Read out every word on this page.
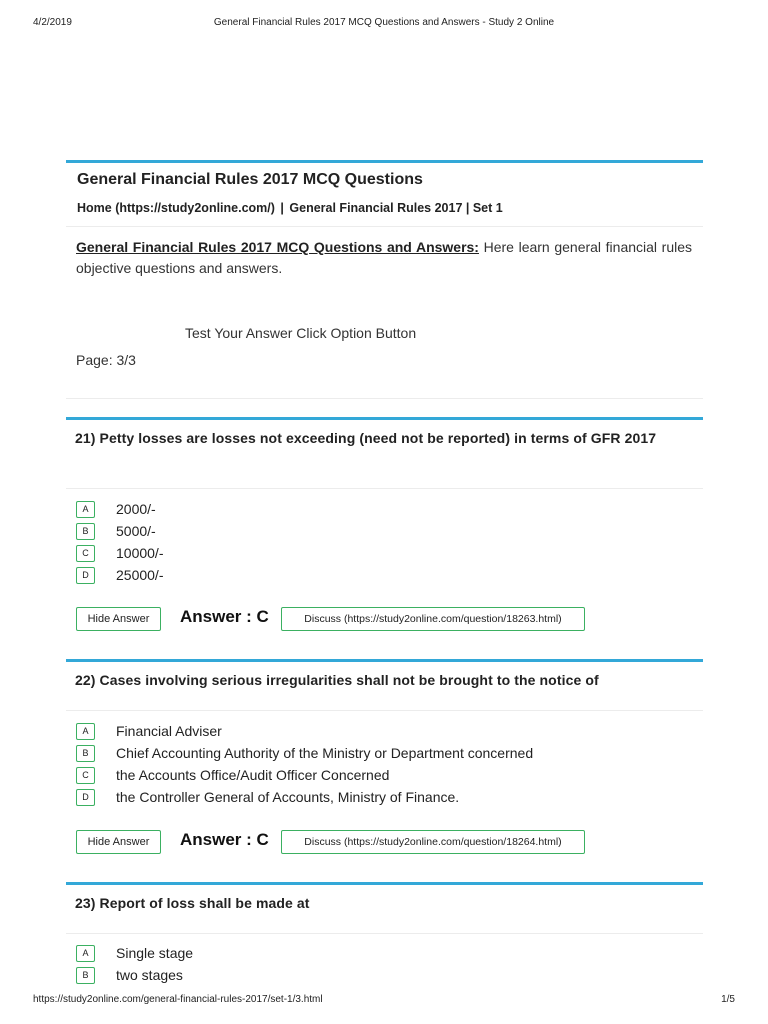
4/2/2019	General Financial Rules 2017 MCQ Questions and Answers - Study 2 Online
General Financial Rules 2017 MCQ Questions
Home (https://study2online.com/) | General Financial Rules 2017 | Set 1
General Financial Rules 2017 MCQ Questions and Answers: Here learn general financial rules objective questions and answers.
Test Your Answer Click Option Button
Page: 3/3
21) Petty losses are losses not exceeding (need not be reported) in terms of GFR 2017
A	2000/-
B	5000/-
C	10000/-
D	25000/-
Hide Answer	Answer : C	Discuss (https://study2online.com/question/18263.html)
22) Cases involving serious irregularities shall not be brought to the notice of
A	Financial Adviser
B	Chief Accounting Authority of the Ministry or Department concerned
C	the Accounts Office/Audit Officer Concerned
D	the Controller General of Accounts, Ministry of Finance.
Hide Answer	Answer : C	Discuss (https://study2online.com/question/18264.html)
23) Report of loss shall be made at
A	Single stage
B	two stages
https://study2online.com/general-financial-rules-2017/set-1/3.html	1/5
